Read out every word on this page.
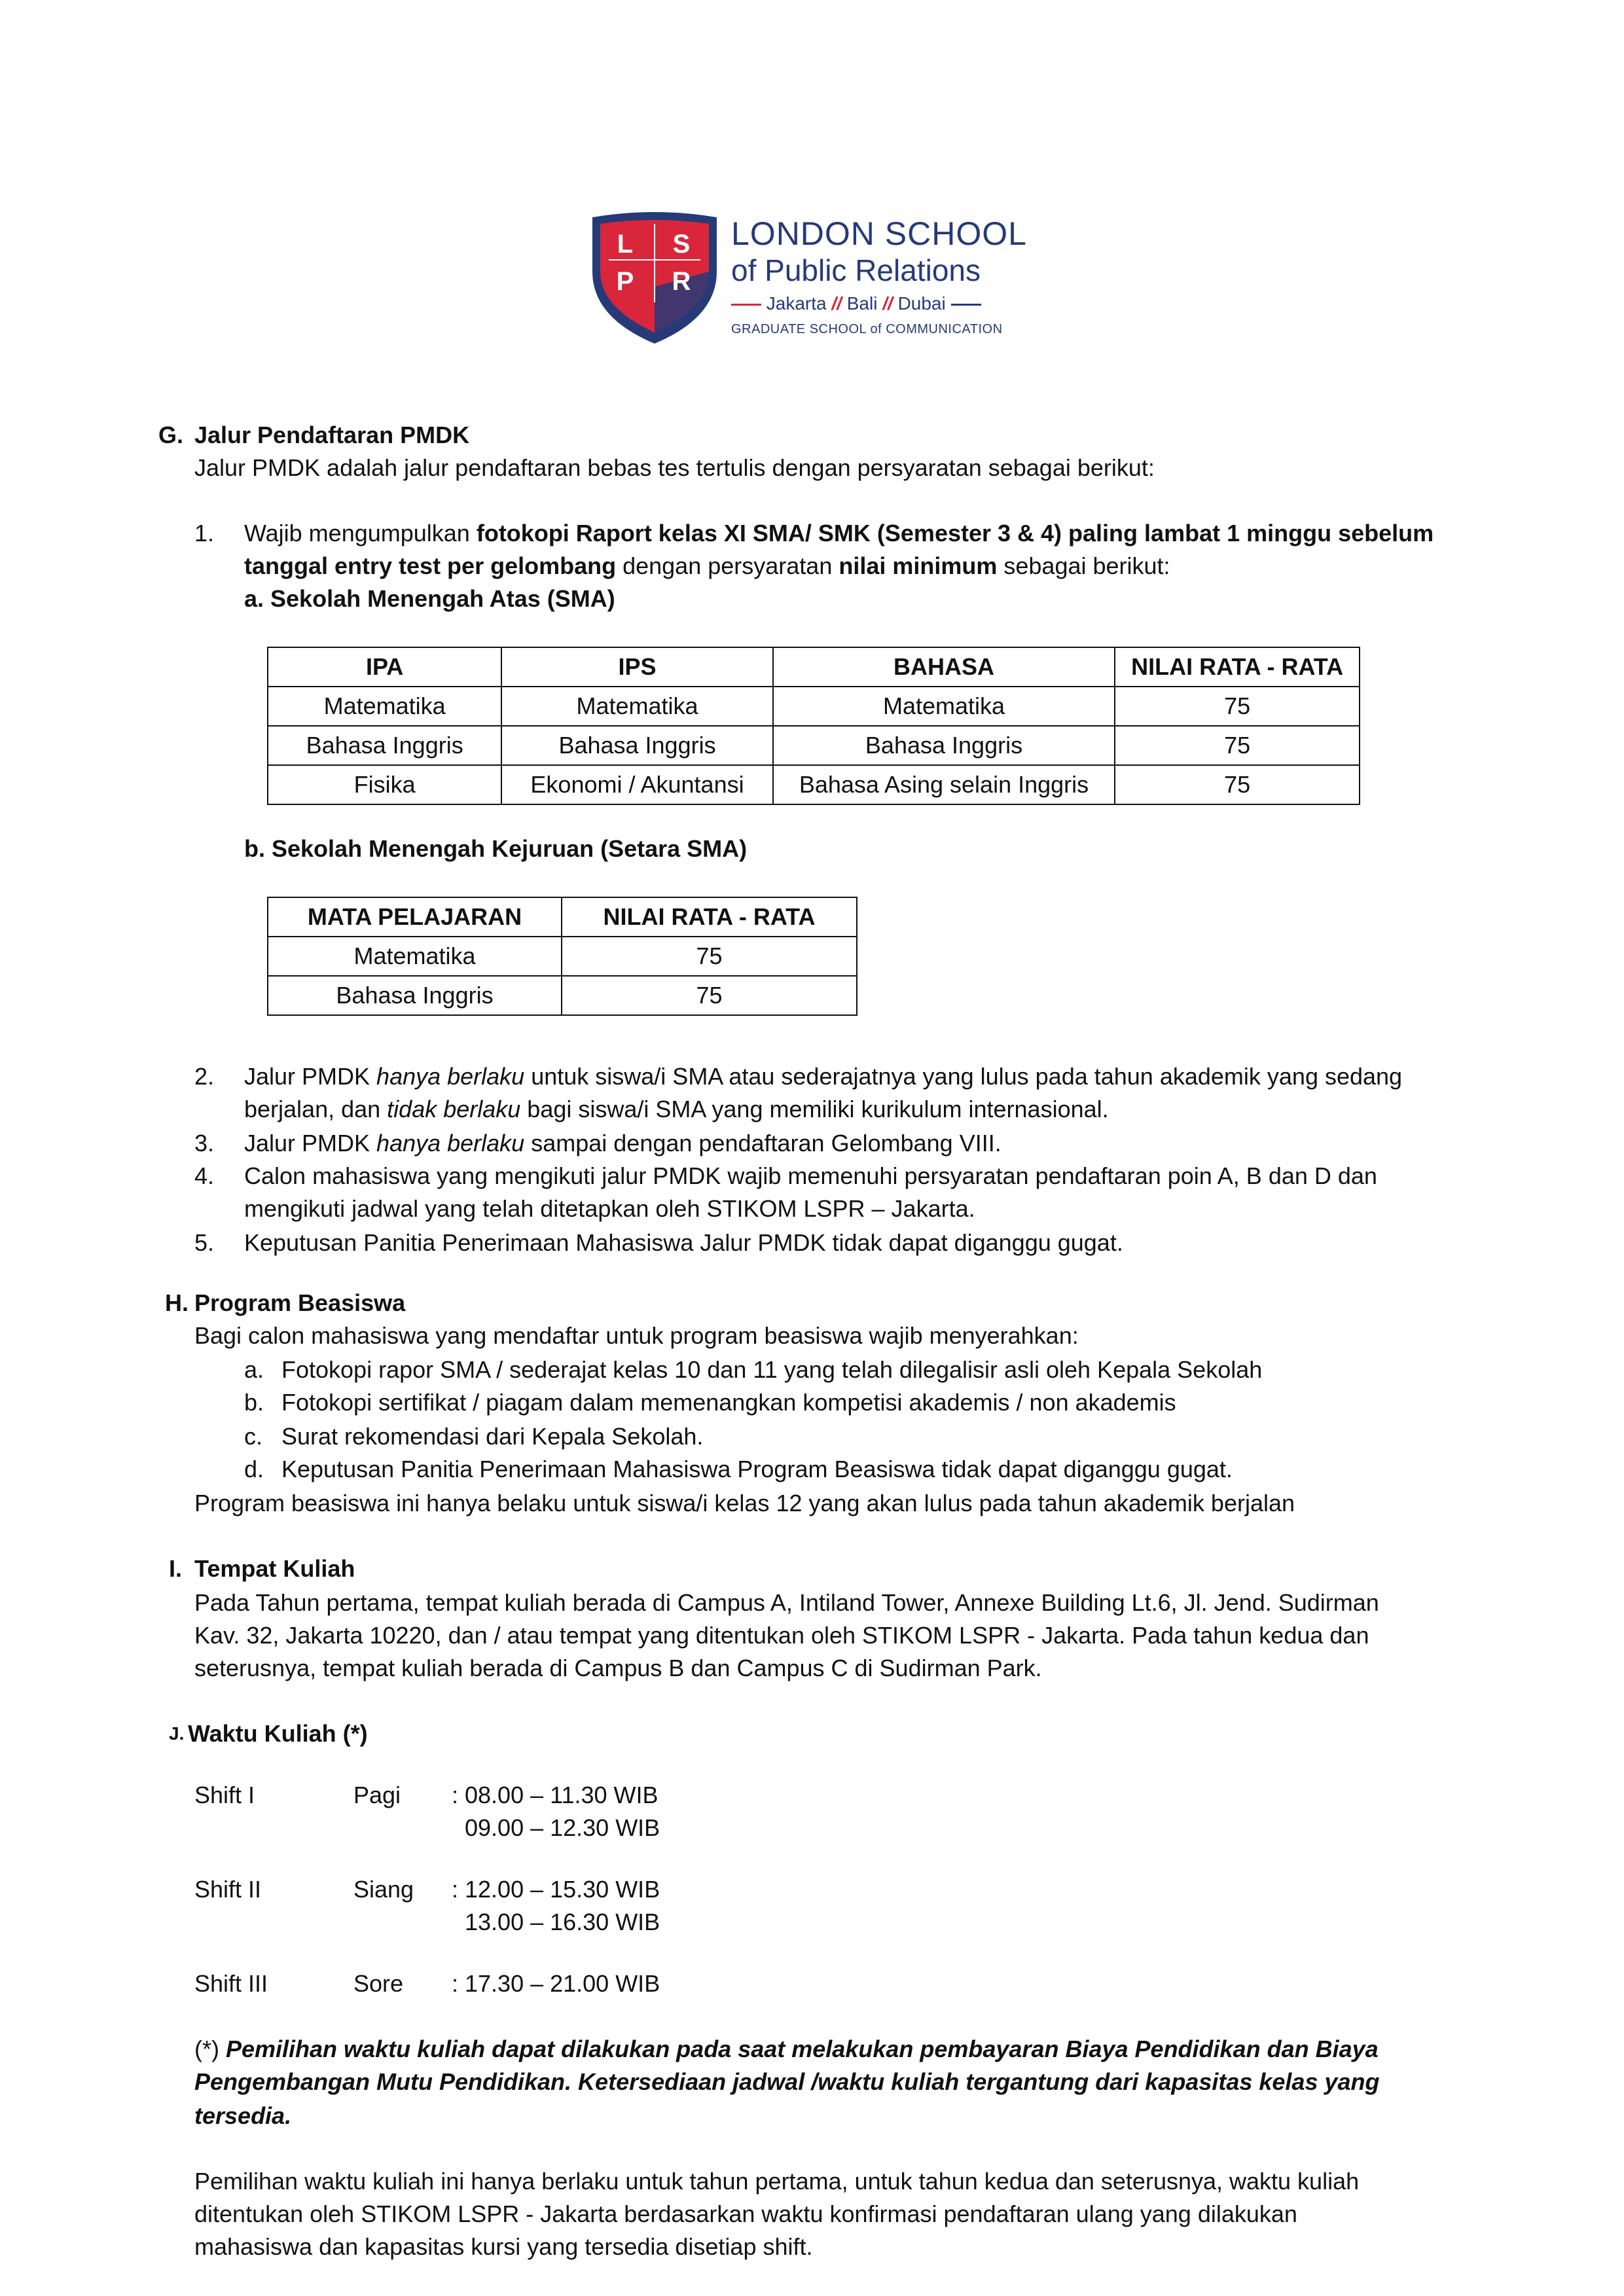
L S
P R
LONDON SCHOOL
of Public Relations
Jakarta // Bali // Dubai
GRADUATE SCHOOL of COMMUNICATION
G. Jalur Pendaftaran PMDK
Jalur PMDK adalah jalur pendaftaran bebas tes tertulis dengan persyaratan sebagai berikut:
1. Wajib mengumpulkan fotokopi Raport kelas XI SMA/ SMK (Semester 3 & 4) paling lambat 1 minggu sebelum
tanggal entry test per gelombang dengan persyaratan nilai minimum sebagai berikut:
a. Sekolah Menengah Atas (SMA)
IPA	IPS	BAHASA	NILAI RATA - RATA
Matematika	Matematika	Matematika	75
Bahasa Inggris	Bahasa Inggris	Bahasa Inggris	75
Fisika	Ekonomi / Akuntansi	Bahasa Asing selain Inggris	75
b. Sekolah Menengah Kejuruan (Setara SMA)
MATA PELAJARAN	NILAI RATA - RATA
Matematika	75
Bahasa Inggris	75
2. Jalur PMDK hanya berlaku untuk siswa/i SMA atau sederajatnya yang lulus pada tahun akademik yang sedang
berjalan, dan tidak berlaku bagi siswa/i SMA yang memiliki kurikulum internasional.
3. Jalur PMDK hanya berlaku sampai dengan pendaftaran Gelombang VIII.
4. Calon mahasiswa yang mengikuti jalur PMDK wajib memenuhi persyaratan pendaftaran poin A, B dan D dan
mengikuti jadwal yang telah ditetapkan oleh STIKOM LSPR – Jakarta.
5. Keputusan Panitia Penerimaan Mahasiswa Jalur PMDK tidak dapat diganggu gugat.
H. Program Beasiswa
Bagi calon mahasiswa yang mendaftar untuk program beasiswa wajib menyerahkan:
a. Fotokopi rapor SMA / sederajat kelas 10 dan 11 yang telah dilegalisir asli oleh Kepala Sekolah
b. Fotokopi sertifikat / piagam dalam memenangkan kompetisi akademis / non akademis
c. Surat rekomendasi dari Kepala Sekolah.
d. Keputusan Panitia Penerimaan Mahasiswa Program Beasiswa tidak dapat diganggu gugat.
Program beasiswa ini hanya belaku untuk siswa/i kelas 12 yang akan lulus pada tahun akademik berjalan
I. Tempat Kuliah
Pada Tahun pertama, tempat kuliah berada di Campus A, Intiland Tower, Annexe Building Lt.6, Jl. Jend. Sudirman
Kav. 32, Jakarta 10220, dan / atau tempat yang ditentukan oleh STIKOM LSPR - Jakarta. Pada tahun kedua dan
seterusnya, tempat kuliah berada di Campus B dan Campus C di Sudirman Park.
J. Waktu Kuliah (*)
Shift I	Pagi : 08.00 – 11.30 WIB
09.00 – 12.30 WIB
Shift II	Siang : 12.00 – 15.30 WIB
13.00 – 16.30 WIB
Shift III	Sore : 17.30 – 21.00 WIB
(*) Pemilihan waktu kuliah dapat dilakukan pada saat melakukan pembayaran Biaya Pendidikan dan Biaya
Pengembangan Mutu Pendidikan. Ketersediaan jadwal /waktu kuliah tergantung dari kapasitas kelas yang
tersedia.
Pemilihan waktu kuliah ini hanya berlaku untuk tahun pertama, untuk tahun kedua dan seterusnya, waktu kuliah
ditentukan oleh STIKOM LSPR - Jakarta berdasarkan waktu konfirmasi pendaftaran ulang yang dilakukan
mahasiswa dan kapasitas kursi yang tersedia disetiap shift.
